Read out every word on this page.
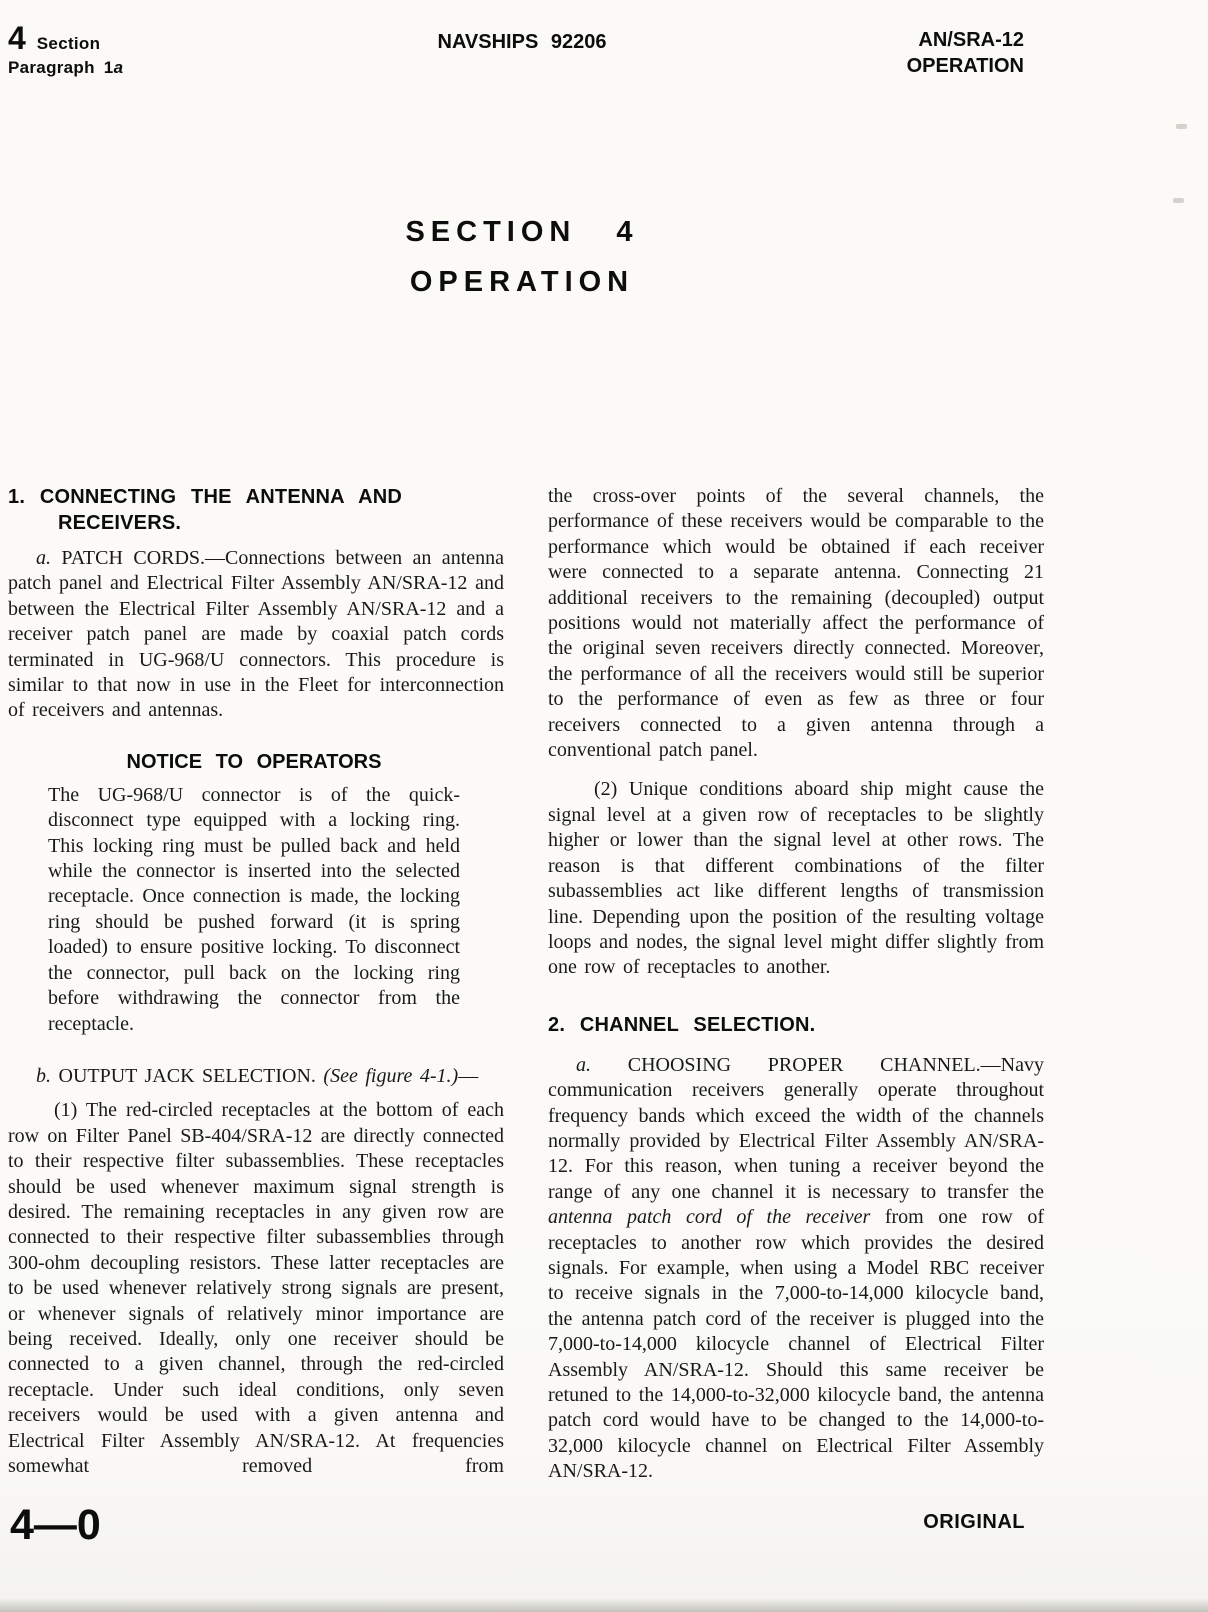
4 Section
Paragraph 1a
NAVSHIPS 92206	AN/SRA-12
OPERATION
SECTION 4
OPERATION
1. CONNECTING THE ANTENNA AND
RECEIVERS.

a. PATCH CORDS.—Connections between an antenna patch panel and Electrical Filter Assembly AN/SRA-12 and between the Electrical Filter Assembly AN/SRA-12 and a receiver patch panel are made by coaxial patch cords terminated in UG-968/U connectors. This procedure is similar to that now in use in the Fleet for interconnection of receivers and antennas.

NOTICE TO OPERATORS

The UG-968/U connector is of the quick-disconnect type equipped with a locking ring. This locking ring must be pulled back and held while the connector is inserted into the selected receptacle. Once connection is made, the locking ring should be pushed forward (it is spring loaded) to ensure positive locking. To disconnect the connector, pull back on the locking ring before withdrawing the connector from the receptacle.

b. OUTPUT JACK SELECTION. (See figure 4-1.)—

(1) The red-circled receptacles at the bottom of each row on Filter Panel SB-404/SRA-12 are directly connected to their respective filter subassemblies. These receptacles should be used whenever maximum signal strength is desired. The remaining receptacles in any given row are connected to their respective filter subassemblies through 300-ohm decoupling resistors. These latter receptacles are to be used whenever relatively strong signals are present, or whenever signals of relatively minor importance are being received. Ideally, only one receiver should be connected to a given channel, through the red-circled receptacle. Under such ideal conditions, only seven receivers would be used with a given antenna and Electrical Filter Assembly AN/SRA-12. At frequencies somewhat removed from

the cross-over points of the several channels, the performance of these receivers would be comparable to the performance which would be obtained if each receiver were connected to a separate antenna. Connecting 21 additional receivers to the remaining (decoupled) output positions would not materially affect the performance of the original seven receivers directly connected. Moreover, the performance of all the receivers would still be superior to the performance of even as few as three or four receivers connected to a given antenna through a conventional patch panel.

(2) Unique conditions aboard ship might cause the signal level at a given row of receptacles to be slightly higher or lower than the signal level at other rows. The reason is that different combinations of the filter subassemblies act like different lengths of transmission line. Depending upon the position of the resulting voltage loops and nodes, the signal level might differ slightly from one row of receptacles to another.

2. CHANNEL SELECTION.

a. CHOOSING PROPER CHANNEL.—Navy communication receivers generally operate throughout frequency bands which exceed the width of the channels normally provided by Electrical Filter Assembly AN/SRA-12. For this reason, when tuning a receiver beyond the range of any one channel it is necessary to transfer the antenna patch cord of the receiver from one row of receptacles to another row which provides the desired signals. For example, when using a Model RBC receiver to receive signals in the 7,000-to-14,000 kilocycle band, the antenna patch cord of the receiver is plugged into the 7,000-to-14,000 kilocycle channel of Electrical Filter Assembly AN/SRA-12. Should this same receiver be retuned to the 14,000-to-32,000 kilocycle band, the antenna patch cord would have to be changed to the 14,000-to-32,000 kilocycle channel on Electrical Filter Assembly AN/SRA-12.

4—0	ORIGINAL
